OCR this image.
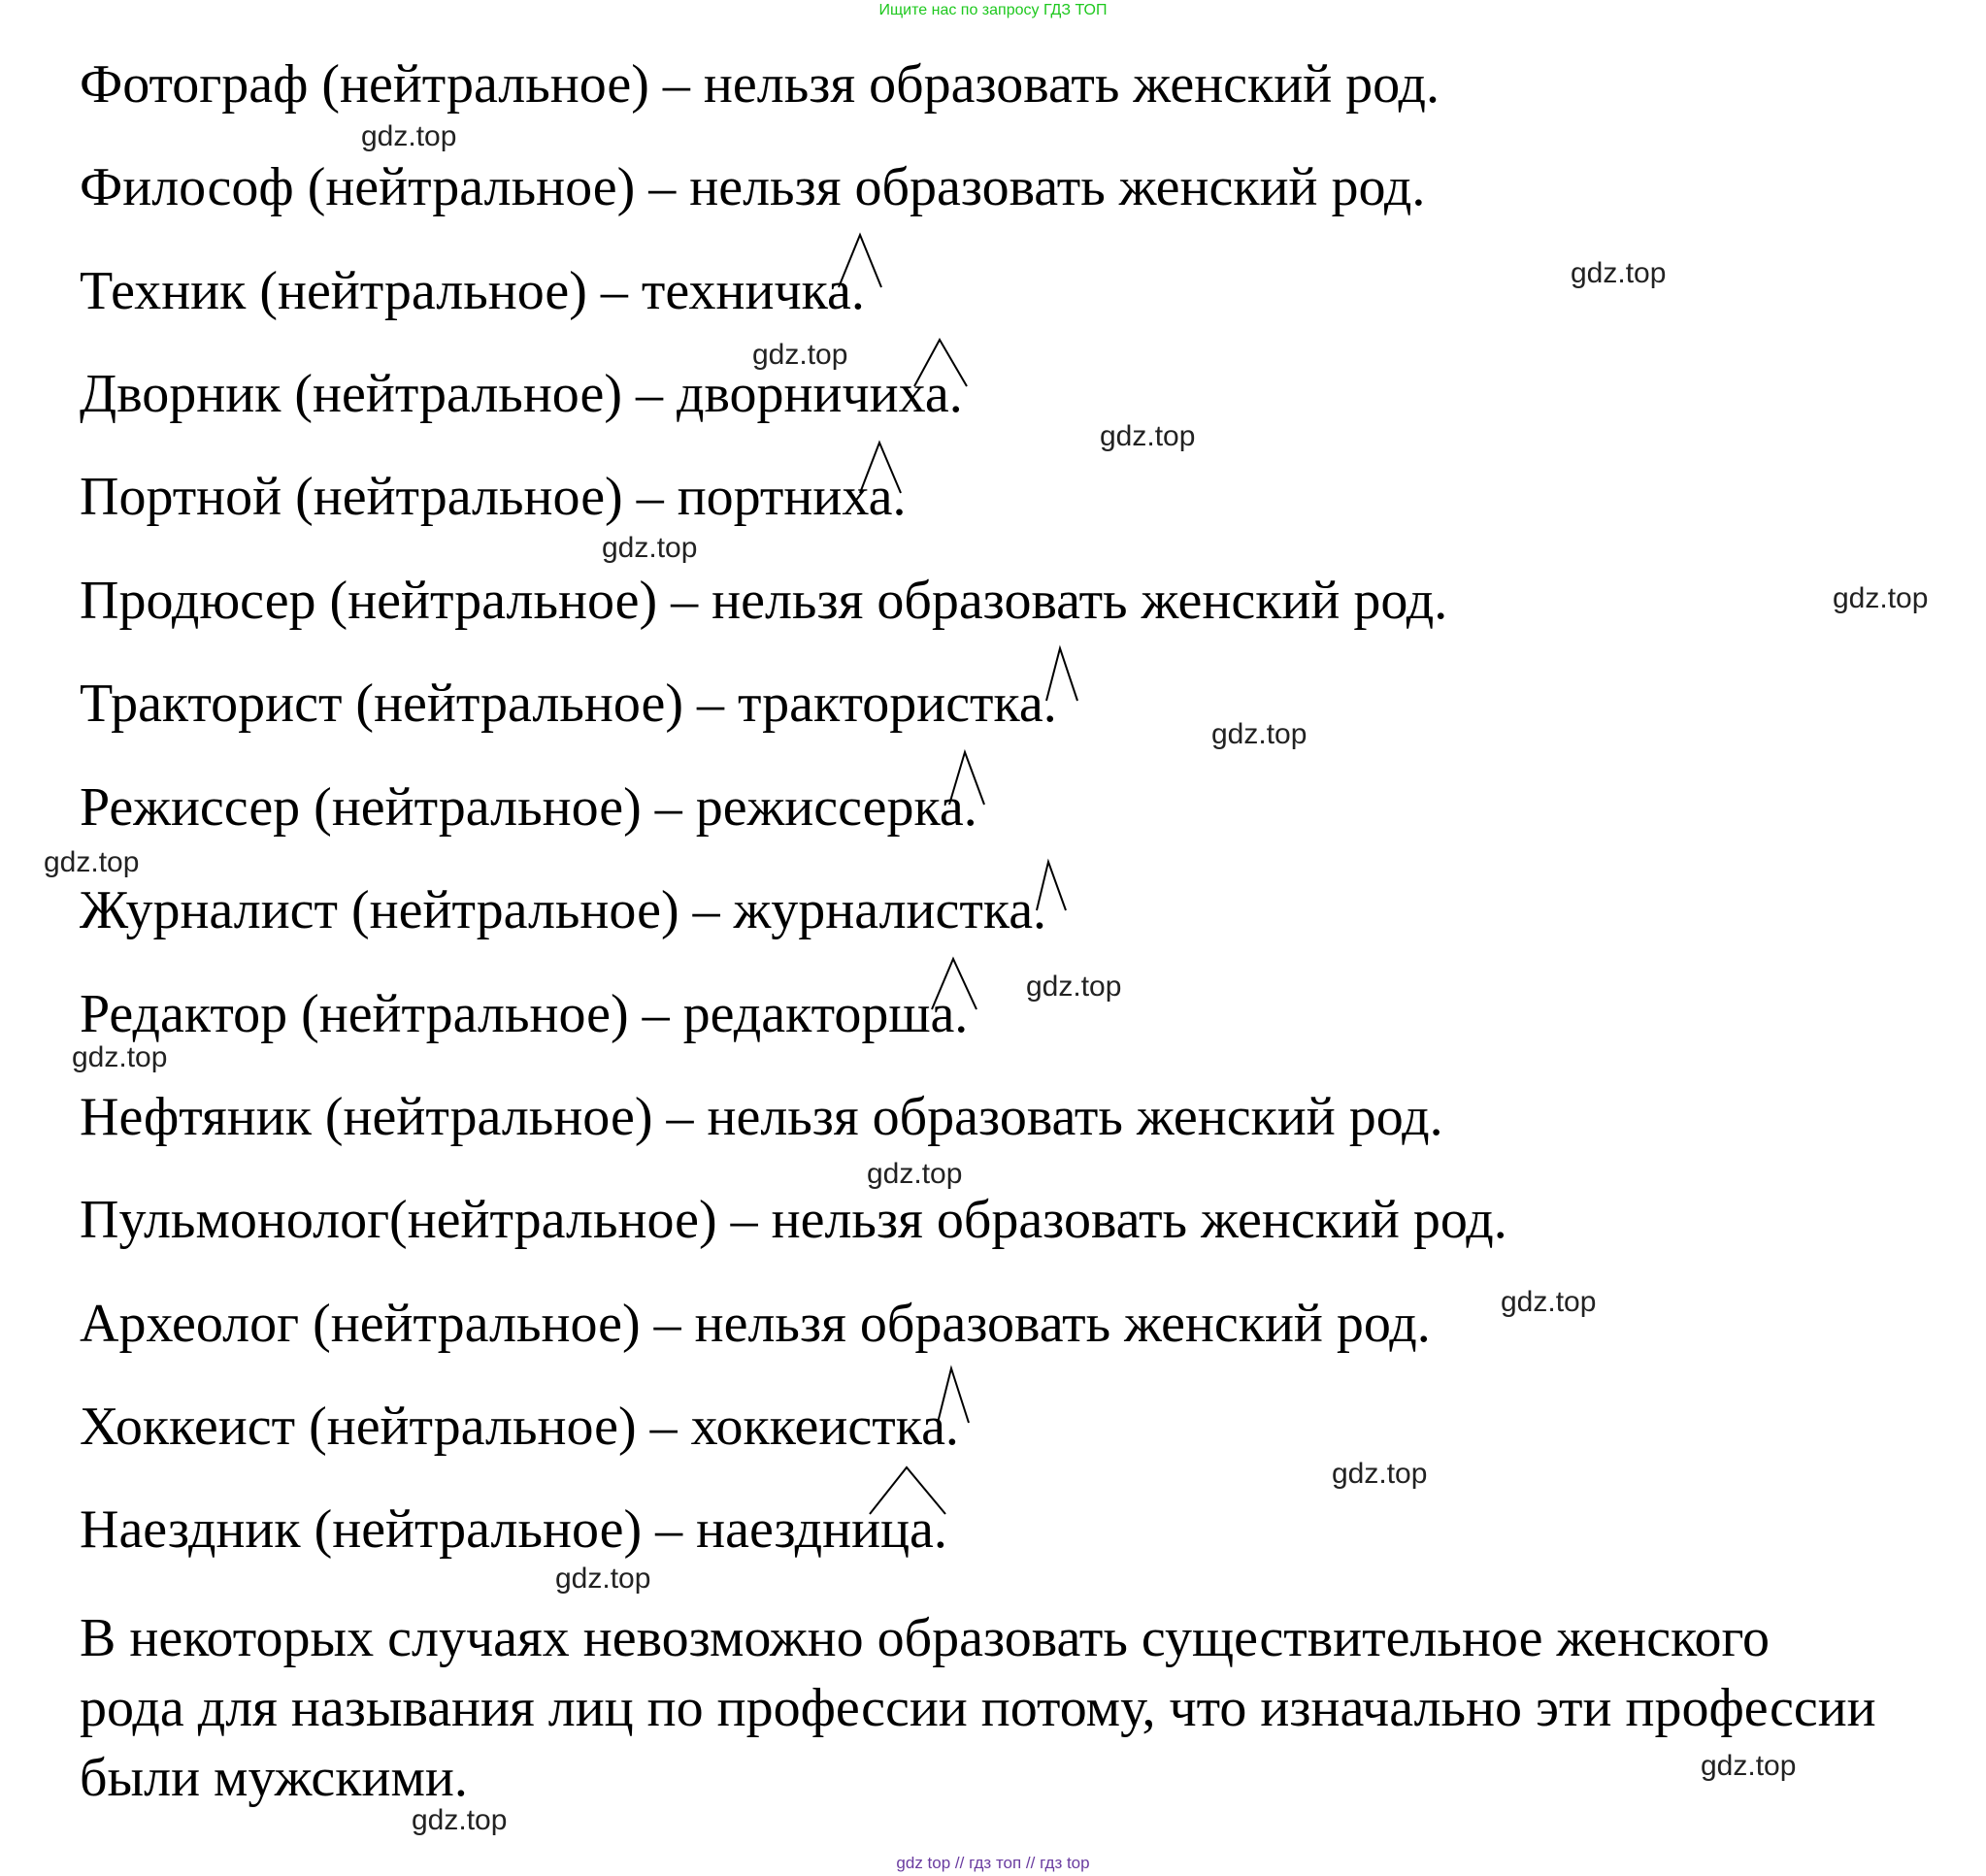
Ищите нас по запросу ГДЗ ТОП
Фотограф (нейтральное) – нельзя образовать женский род.
Философ (нейтральное) – нельзя образовать женский род.
Техник (нейтральное) – техничка.
Дворник (нейтральное) – дворничиха.
Портной (нейтральное) – портниха.
Продюсер (нейтральное) – нельзя образовать женский род.
Тракторист (нейтральное) – трактористка.
Режиссер (нейтральное) – режиссерка.
Журналист (нейтральное) – журналистка.
Редактор (нейтральное) – редакторша.
Нефтяник (нейтральное) – нельзя образовать женский род.
Пульмонолог(нейтральное) – нельзя образовать женский род.
Археолог (нейтральное) – нельзя образовать женский род.
Хоккеист (нейтральное) – хоккеистка.
Наездник (нейтральное) – наездница.
В некоторых случаях невозможно образовать существительное женского
рода для называния лиц по профессии потому, что изначально эти профессии
были мужскими.
gdz.top
gdz.top
gdz.top
gdz.top
gdz.top
gdz.top
gdz.top
gdz.top
gdz.top
gdz.top
gdz.top
gdz.top
gdz.top
gdz.top
gdz.top
gdz.top
gdz top // гдз топ // гдз top
